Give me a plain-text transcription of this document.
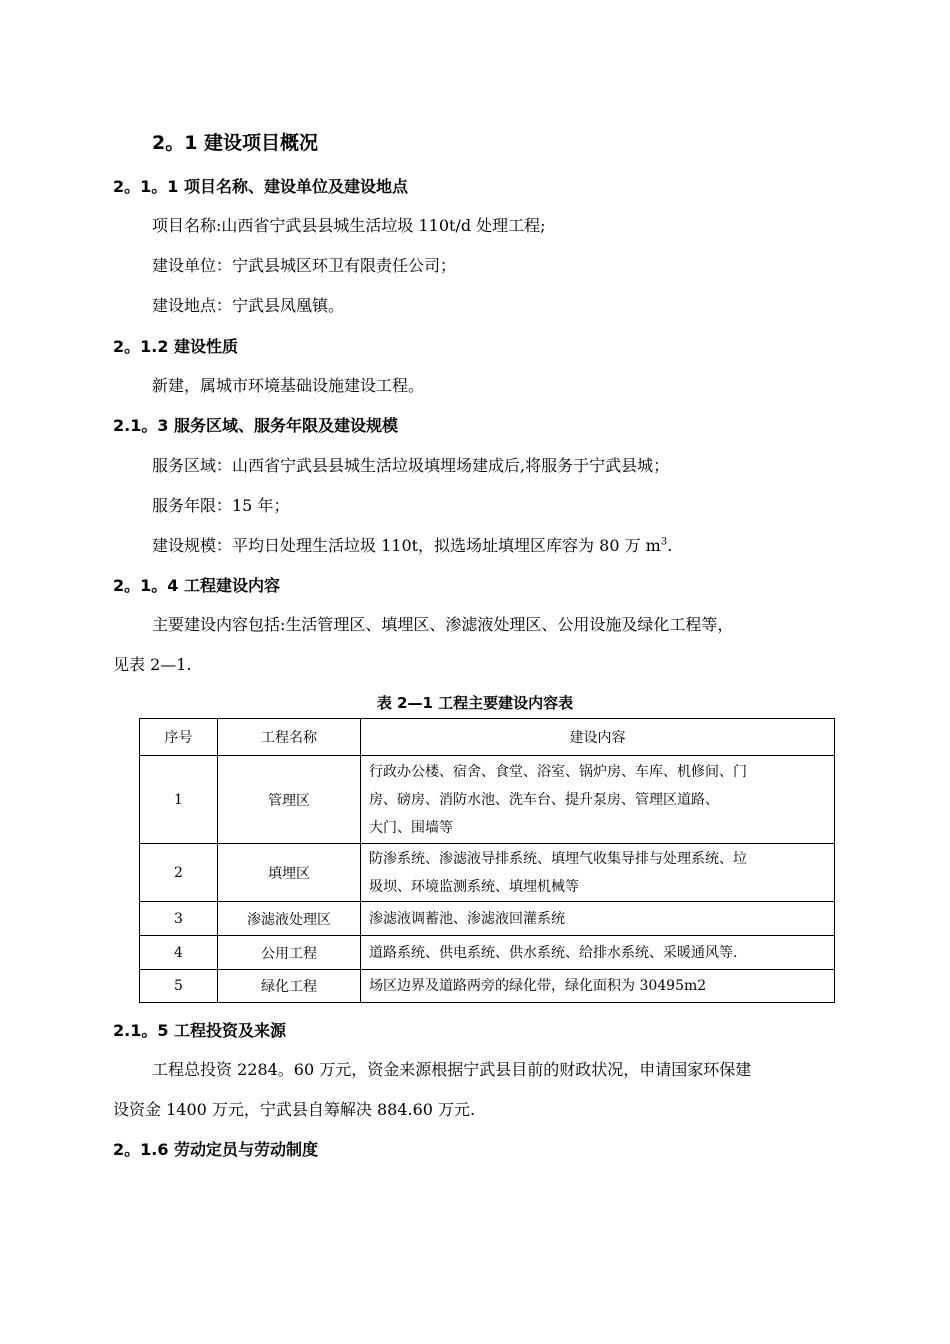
2。1 建设项目概况
2。1。1 项目名称、建设单位及建设地点
项目名称:山西省宁武县县城生活垃圾 110t/d 处理工程;
建设单位：宁武县城区环卫有限责任公司；
建设地点：宁武县凤凰镇。
2。1.2 建设性质
新建，属城市环境基础设施建设工程。
2.1。3 服务区域、服务年限及建设规模
服务区域：山西省宁武县县城生活垃圾填埋场建成后,将服务于宁武县城；
服务年限：15 年；
建设规模：平均日处理生活垃圾 110t，拟选场址填埋区库容为 80 万 $m^3$.
2。1。4 工程建设内容
主要建设内容包括:生活管理区、填埋区、渗滤液处理区、公用设施及绿化工程等，
见表 2—1.
表 2—1 工程主要建设内容表
序号	工程名称	建设内容
1	管理区	行政办公楼、宿舍、食堂、浴室、锅炉房、车库、机修间、门
房、磅房、消防水池、洗车台、提升泵房、管理区道路、
大门、围墙等

2	填埋区	防渗系统、渗滤液导排系统、填埋气收集导排与处理系统、垃
圾坝、环境监测系统、填埋机械等

3	渗滤液处理区	渗滤液调蓄池、渗滤液回灌系统

4	公用工程	道路系统、供电系统、供水系统、给排水系统、采暖通风等.

5	绿化工程	场区边界及道路两旁的绿化带，绿化面积为 30495m2
2.1。5 工程投资及来源
工程总投资 2284。60 万元，资金来源根据宁武县目前的财政状况，申请国家环保建
设资金 1400 万元，宁武县自筹解决 884.60 万元.
2。1.6 劳动定员与劳动制度
